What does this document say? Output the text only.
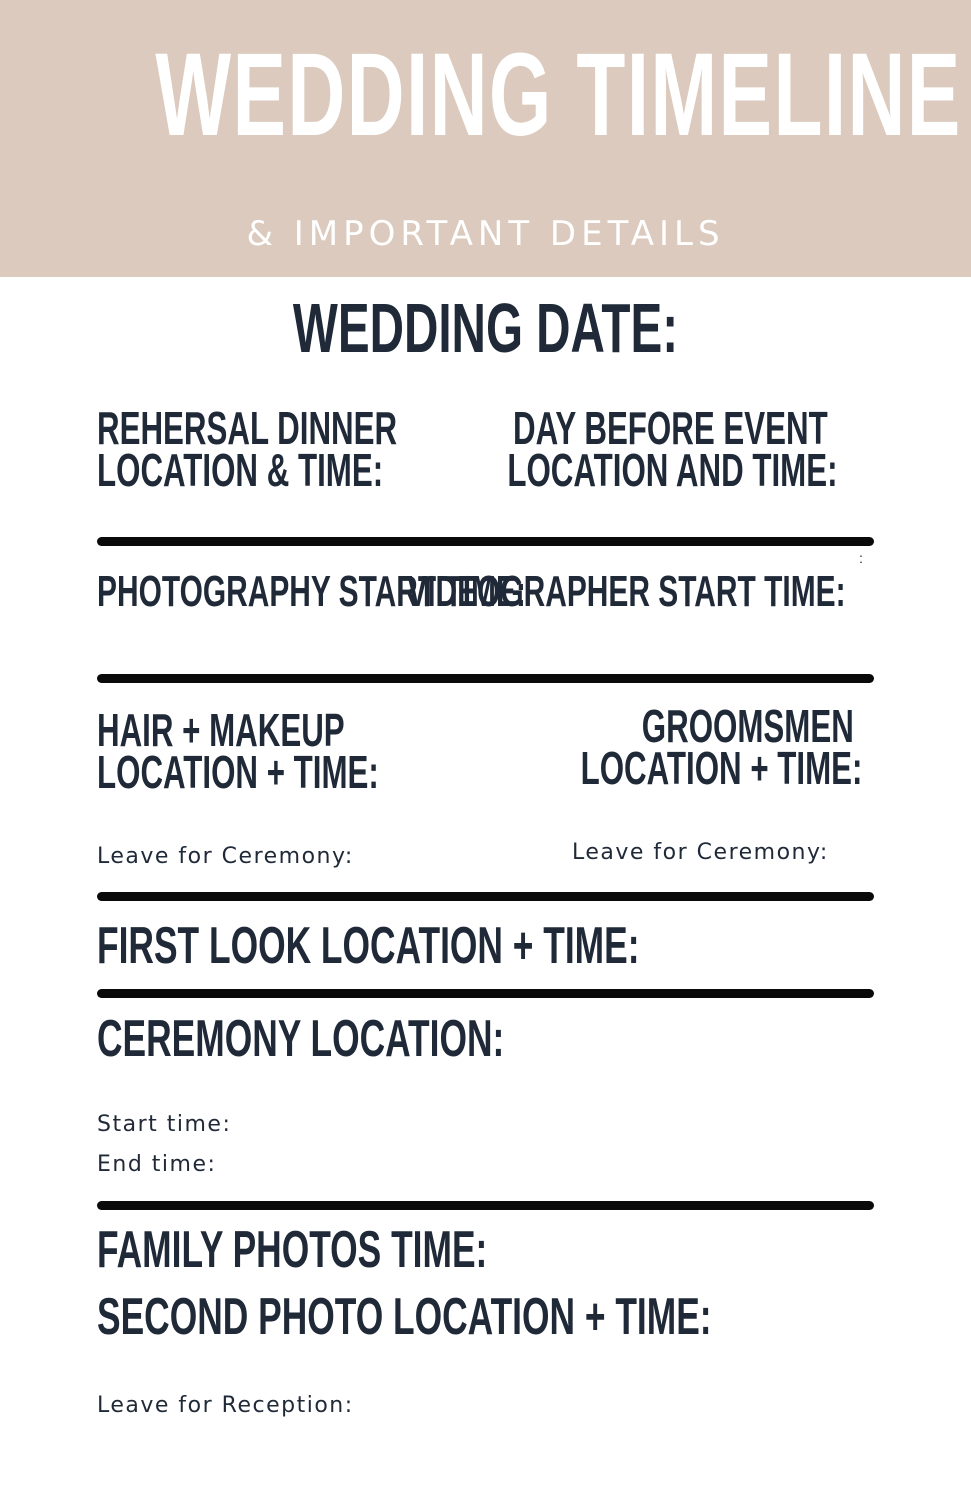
WEDDING TIMELINE
& IMPORTANT DETAILS
WEDDING DATE:
REHERSAL DINNER
LOCATION & TIME:
DAY BEFORE EVENT
LOCATION AND TIME:
:
PHOTOGRAPHY START TIME:
VIDEOGRAPHER START TIME:
HAIR + MAKEUP
LOCATION + TIME:
GROOMSMEN
LOCATION + TIME:
Leave for Ceremony:	Leave for Ceremony:
FIRST LOOK LOCATION + TIME:
CEREMONY LOCATION:
Start time:
End time:
FAMILY PHOTOS TIME:
SECOND PHOTO LOCATION + TIME:
Leave for Reception:
